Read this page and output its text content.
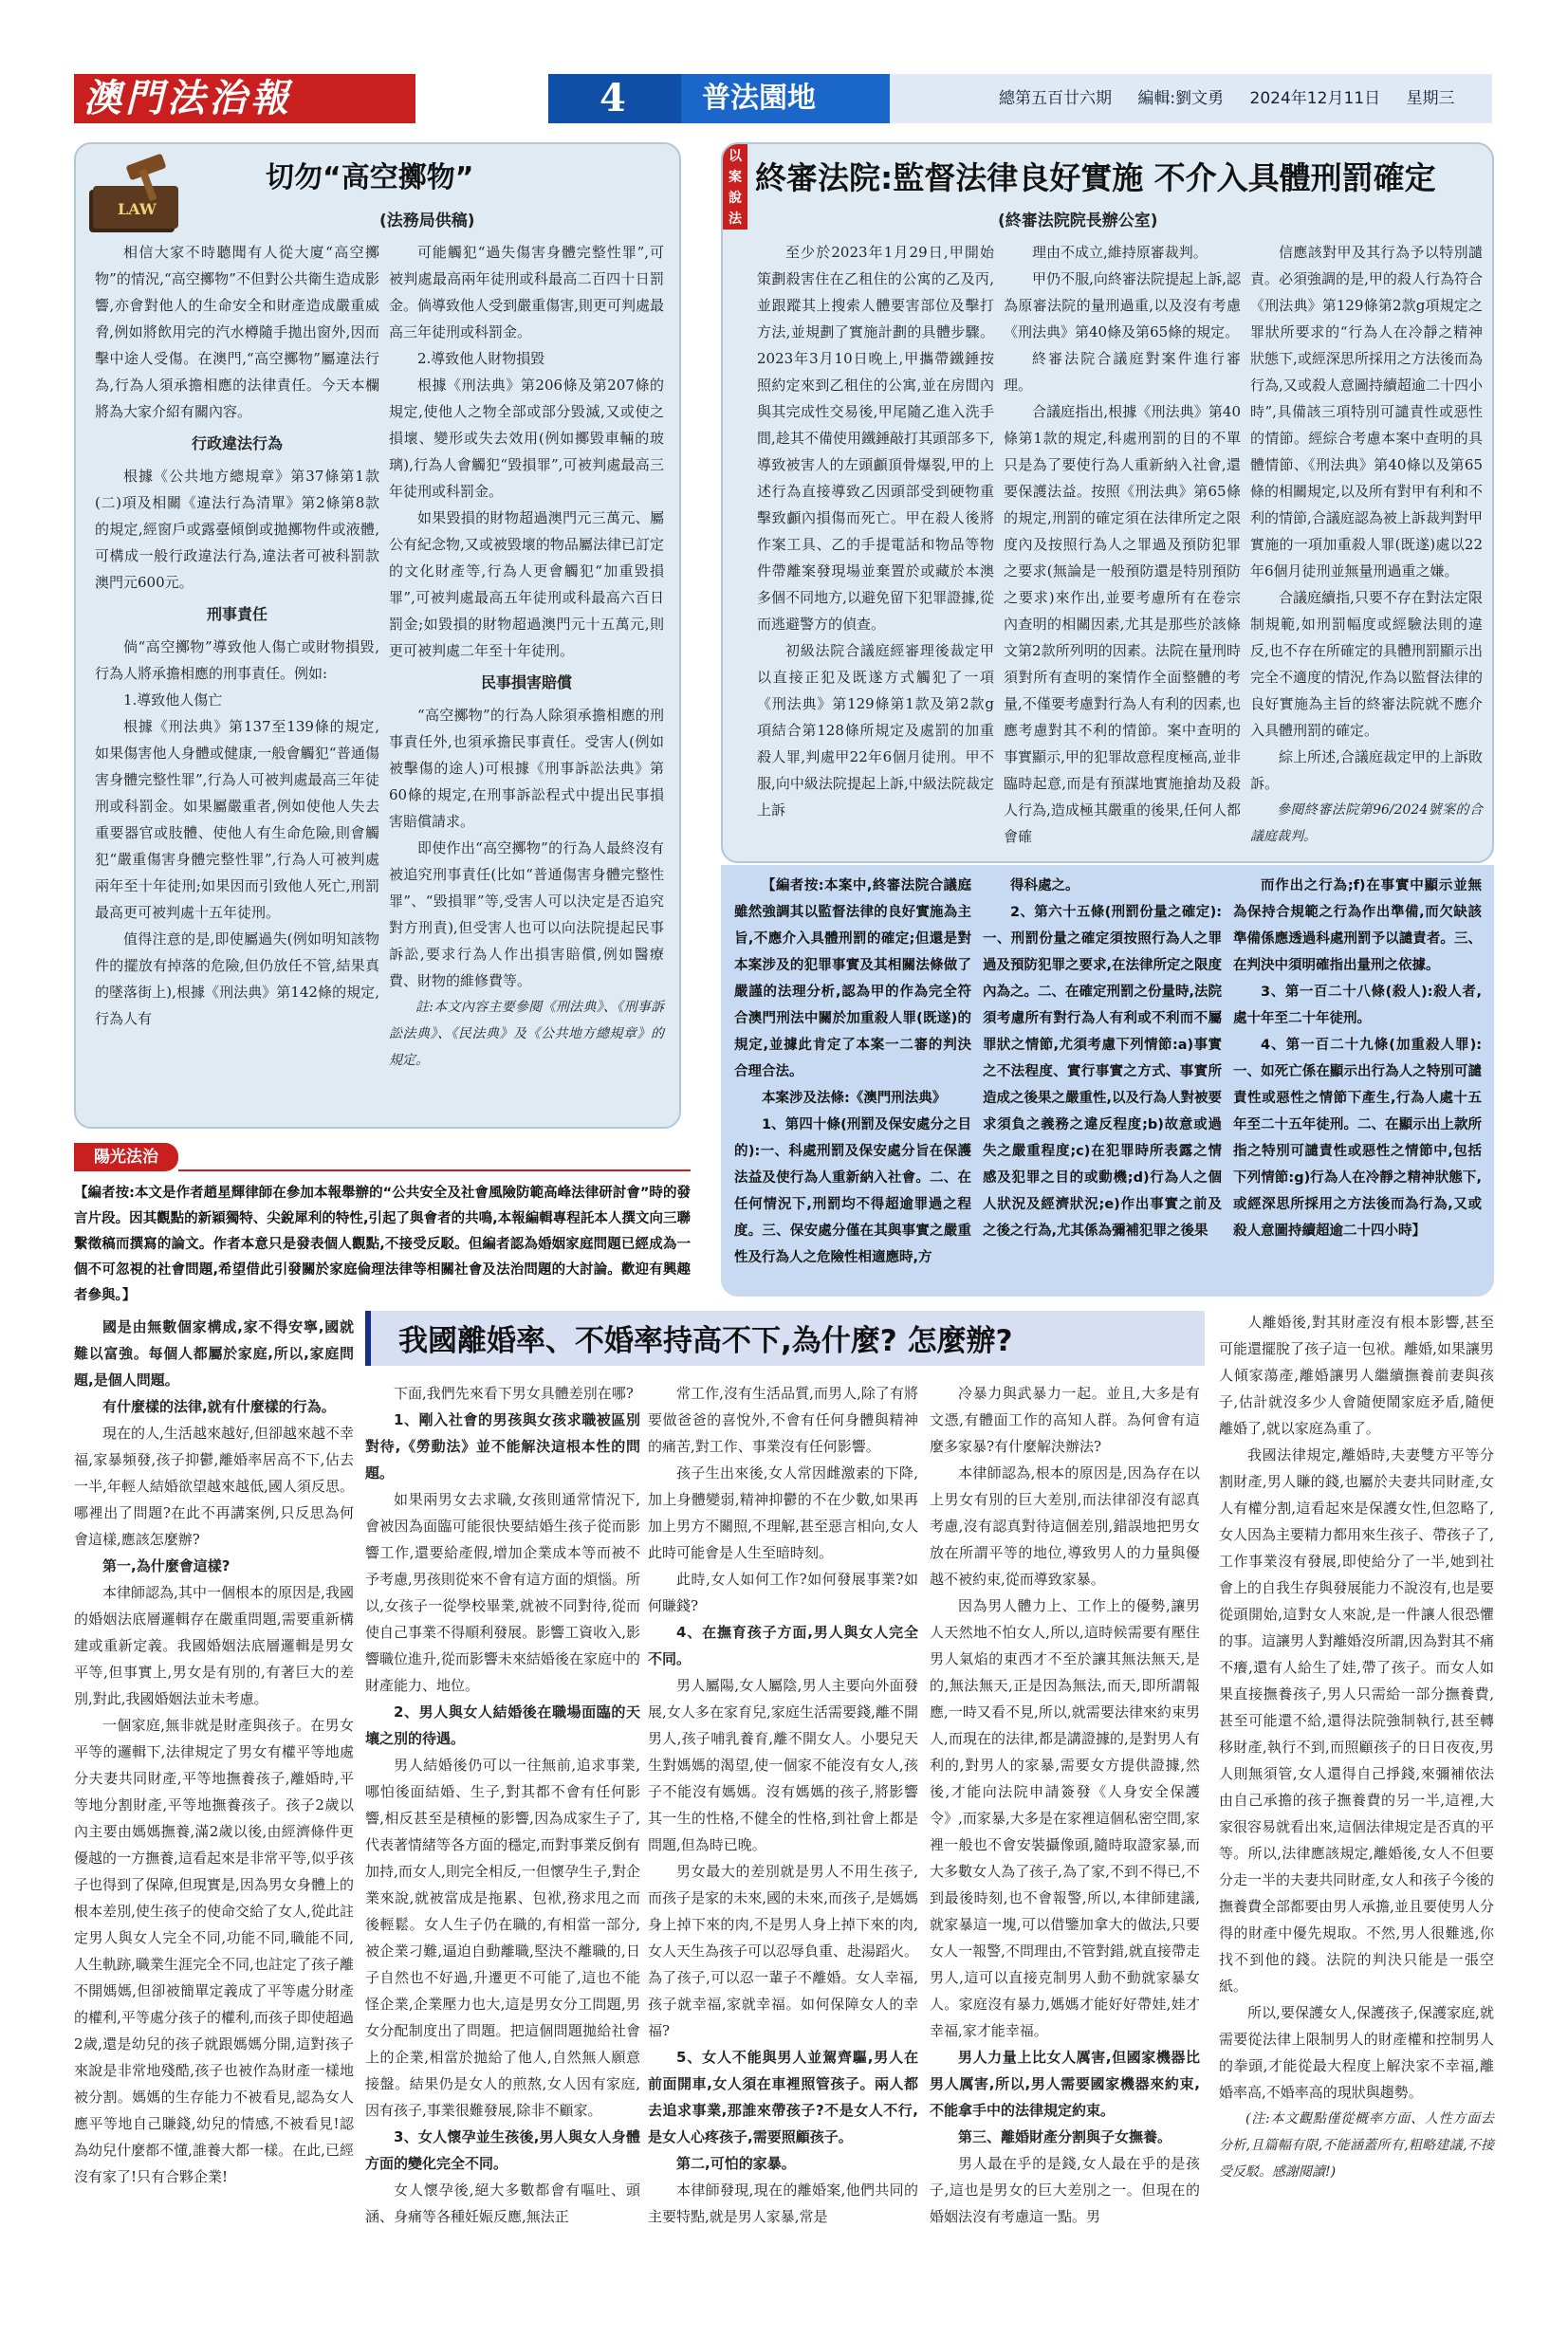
澳門法治報	4	普法園地	總第五百廿六期 編輯:劉文勇 2024年12月11日 星期三
LAW
切勿“高空擲物”
(法務局供稿)

相信大家不時聽聞有人從大廈“高空擲物”的情況,“高空擲物”不但對公共衛生造成影響,亦會對他人的生命安全和財產造成嚴重威脅,例如將飲用完的汽水樽隨手拋出窗外,因而擊中途人受傷。在澳門,“高空擲物”屬違法行為,行為人須承擔相應的法律責任。今天本欄將為大家介紹有關內容。

行政違法行為

根據《公共地方總規章》第37條第1款(二)項及相關《違法行為清單》第2條第8款的規定,經窗戶或露臺傾倒或拋擲物件或液體,可構成一般行政違法行為,違法者可被科罰款澳門元600元。

刑事責任

倘“高空擲物”導致他人傷亡或財物損毀,行為人將承擔相應的刑事責任。例如:

1.導致他人傷亡

根據《刑法典》第137至139條的規定,如果傷害他人身體或健康,一般會觸犯“普通傷害身體完整性罪”,行為人可被判處最高三年徒刑或科罰金。如果屬嚴重者,例如使他人失去重要器官或肢體、使他人有生命危險,則會觸犯“嚴重傷害身體完整性罪”,行為人可被判處兩年至十年徒刑;如果因而引致他人死亡,刑罰最高更可被判處十五年徒刑。

值得注意的是,即使屬過失(例如明知該物件的擺放有掉落的危險,但仍放任不管,結果真的墜落街上),根據《刑法典》第142條的規定,行為人有

可能觸犯“過失傷害身體完整性罪”,可被判處最高兩年徒刑或科最高二百四十日罰金。倘導致他人受到嚴重傷害,則更可判處最高三年徒刑或科罰金。

2.導致他人財物損毀

根據《刑法典》第206條及第207條的規定,使他人之物全部或部分毀滅,又或使之損壞、變形或失去效用(例如擲毀車輛的玻璃),行為人會觸犯“毀損罪”,可被判處最高三年徒刑或科罰金。

如果毀損的財物超過澳門元三萬元、屬公有紀念物,又或被毀壞的物品屬法律已訂定的文化財產等,行為人更會觸犯“加重毀損罪”,可被判處最高五年徒刑或科最高六百日罰金;如毀損的財物超過澳門元十五萬元,則更可被判處二年至十年徒刑。

民事損害賠償

“高空擲物”的行為人除須承擔相應的刑事責任外,也須承擔民事責任。受害人(例如被擊傷的途人)可根據《刑事訴訟法典》第60條的規定,在刑事訴訟程式中提出民事損害賠償請求。

即使作出“高空擲物”的行為人最終沒有被追究刑事責任(比如“普通傷害身體完整性罪”、“毀損罪”等,受害人可以決定是否追究對方刑責),但受害人也可以向法院提起民事訴訟,要求行為人作出損害賠償,例如醫療費、財物的維修費等。

註:本文內容主要參閱《刑法典》、《刑事訴訟法典》、《民法典》及《公共地方總規章》的規定。

以案說法
終審法院:監督法律良好實施 不介入具體刑罰確定
(終審法院院長辦公室)

至少於2023年1月29日,甲開始策劃殺害住在乙租住的公寓的乙及丙,並跟蹤其上搜索人體要害部位及擊打方法,並規劃了實施計劃的具體步驟。2023年3月10日晚上,甲攜帶鐵錘按照約定來到乙租住的公寓,並在房間內與其完成性交易後,甲尾隨乙進入洗手間,趁其不備使用鐵錘敲打其頭部多下,導致被害人的左頭顱頂骨爆裂,甲的上述行為直接導致乙因頭部受到硬物重擊致顱內損傷而死亡。甲在殺人後將作案工具、乙的手提電話和物品等物件帶離案發現場並棄置於或藏於本澳多個不同地方,以避免留下犯罪證據,從而逃避警方的偵查。

初級法院合議庭經審理後裁定甲以直接正犯及既遂方式觸犯了一項《刑法典》第129條第1款及第2款g項結合第128條所規定及處罰的加重殺人罪,判處甲22年6個月徒刑。甲不服,向中級法院提起上訴,中級法院裁定上訴

理由不成立,維持原審裁判。

甲仍不服,向終審法院提起上訴,認為原審法院的量刑過重,以及沒有考慮《刑法典》第40條及第65條的規定。

終審法院合議庭對案件進行審理。

合議庭指出,根據《刑法典》第40條第1款的規定,科處刑罰的目的不單只是為了要使行為人重新納入社會,還要保護法益。按照《刑法典》第65條的規定,刑罰的確定須在法律所定之限度內及按照行為人之罪過及預防犯罪之要求(無論是一般預防還是特別預防之要求)來作出,並要考慮所有在卷宗內查明的相關因素,尤其是那些於該條文第2款所列明的因素。法院在量刑時須對所有查明的案情作全面整體的考量,不僅要考慮對行為人有利的因素,也應考慮對其不利的情節。案中查明的事實顯示,甲的犯罪故意程度極高,並非臨時起意,而是有預謀地實施搶劫及殺人行為,造成極其嚴重的後果,任何人都會確

信應該對甲及其行為予以特別譴責。必須強調的是,甲的殺人行為符合《刑法典》第129條第2款g項規定之罪狀所要求的“行為人在冷靜之精神狀態下,或經深思所採用之方法後而為行為,又或殺人意圖持續超逾二十四小時”,具備該三項特別可譴責性或惡性的情節。經綜合考慮本案中查明的具體情節、《刑法典》第40條以及第65條的相關規定,以及所有對甲有利和不利的情節,合議庭認為被上訴裁判對甲實施的一項加重殺人罪(既遂)處以22年6個月徒刑並無量刑過重之嫌。

合議庭續指,只要不存在對法定限制規範,如刑罰幅度或經驗法則的違反,也不存在所確定的具體刑罰顯示出完全不適度的情況,作為以監督法律的良好實施為主旨的終審法院就不應介入具體刑罰的確定。

綜上所述,合議庭裁定甲的上訴敗訴。

參閱終審法院第96/2024號案的合議庭裁判。

【編者按:本案中,終審法院合議庭雖然強調其以監督法律的良好實施為主旨,不應介入具體刑罰的確定;但還是對本案涉及的犯罪事實及其相關法條做了嚴謹的法理分析,認為甲的作為完全符合澳門刑法中關於加重殺人罪(既遂)的規定,並據此肯定了本案一二審的判決合理合法。

本案涉及法條:《澳門刑法典》

1、第四十條(刑罰及保安處分之目的):一、科處刑罰及保安處分旨在保護法益及使行為人重新納入社會。二、在任何情況下,刑罰均不得超逾罪過之程度。三、保安處分僅在其與事實之嚴重性及行為人之危險性相適應時,方

得科處之。

2、第六十五條(刑罰份量之確定):一、刑罰份量之確定須按照行為人之罪過及預防犯罪之要求,在法律所定之限度內為之。二、在確定刑罰之份量時,法院須考慮所有對行為人有利或不利而不屬罪狀之情節,尤須考慮下列情節:a)事實之不法程度、實行事實之方式、事實所造成之後果之嚴重性,以及行為人對被要求須負之義務之違反程度;b)故意或過失之嚴重程度;c)在犯罪時所表露之情感及犯罪之目的或動機;d)行為人之個人狀況及經濟狀況;e)作出事實之前及之後之行為,尤其係為彌補犯罪之後果

而作出之行為;f)在事實中顯示並無為保持合規範之行為作出準備,而欠缺該準備係應透過科處刑罰予以譴責者。三、在判決中須明確指出量刑之依據。

3、第一百二十八條(殺人):殺人者,處十年至二十年徒刑。

4、第一百二十九條(加重殺人罪):一、如死亡係在顯示出行為人之特別可譴責性或惡性之情節下產生,行為人處十五年至二十五年徒刑。二、在顯示出上款所指之特別可譴責性或惡性之情節中,包括下列情節:g)行為人在冷靜之精神狀態下,或經深思所採用之方法後而為行為,又或殺人意圖持續超逾二十四小時】

陽光法治
【編者按:本文是作者趙星輝律師在參加本報舉辦的“公共安全及社會風險防範高峰法律研討會”時的發言片段。因其觀點的新穎獨特、尖銳犀利的特性,引起了與會者的共鳴,本報編輯專程託本人撰文向三聯繫徵稿而撰寫的論文。作者本意只是發表個人觀點,不接受反駁。但編者認為婚姻家庭問題已經成為一個不可忽視的社會問題,希望借此引發關於家庭倫理法律等相關社會及法治問題的大討論。歡迎有興趣者參與。】
我國離婚率、不婚率持高不下,為什麼? 怎麼辦?

國是由無數個家構成,家不得安寧,國就難以富強。每個人都屬於家庭,所以,家庭問題,是個人問題。

有什麼樣的法律,就有什麼樣的行為。

現在的人,生活越來越好,但卻越來越不幸福,家暴頻發,孩子抑鬱,離婚率居高不下,佔去一半,年輕人結婚欲望越來越低,國人須反思。哪裡出了問題?在此不再講案例,只反思為何會這樣,應該怎麼辦?

第一,為什麼會這樣?

本律師認為,其中一個根本的原因是,我國的婚姻法底層邏輯存在嚴重問題,需要重新構建或重新定義。我國婚姻法底層邏輯是男女平等,但事實上,男女是有別的,有著巨大的差別,對此,我國婚姻法並未考慮。

一個家庭,無非就是財產與孩子。在男女平等的邏輯下,法律規定了男女有權平等地處分夫妻共同財產,平等地撫養孩子,離婚時,平等地分割財產,平等地撫養孩子。孩子2歲以內主要由媽媽撫養,滿2歲以後,由經濟條件更優越的一方撫養,這看起來是非常平等,似乎孩子也得到了保障,但現實是,因為男女身體上的根本差別,使生孩子的使命交給了女人,從此註定男人與女人完全不同,功能不同,職能不同,人生軌跡,職業生涯完全不同,也註定了孩子離不開媽媽,但卻被簡單定義成了平等處分財產的權利,平等處分孩子的權利,而孩子即使超過2歲,還是幼兒的孩子就跟媽媽分開,這對孩子來說是非常地殘酷,孩子也被作為財產一樣地被分割。媽媽的生存能力不被看見,認為女人應平等地自己賺錢,幼兒的情感,不被看見!認為幼兒什麼都不懂,誰養大都一樣。在此,已經沒有家了!只有合夥企業!

下面,我們先來看下男女具體差別在哪?

1、剛入社會的男孩與女孩求職被區別對待,《勞動法》並不能解決這根本性的問題。

如果兩男女去求職,女孩則通常情況下,會被因為面臨可能很快要結婚生孩子從而影響工作,還要給產假,增加企業成本等而被不予考慮,男孩則從來不會有這方面的煩惱。所以,女孩子一從學校畢業,就被不同對待,從而使自己事業不得順利發展。影響工資收入,影響職位進升,從而影響未來結婚後在家庭中的財產能力、地位。

2、男人與女人結婚後在職場面臨的天壤之別的待遇。

男人結婚後仍可以一往無前,追求事業,哪怕後面結婚、生子,對其都不會有任何影響,相反甚至是積極的影響,因為成家生子了,代表著情緒等各方面的穩定,而對事業反倒有加持,而女人,則完全相反,一但懷孕生子,對企業來說,就被當成是拖累、包袱,務求甩之而後輕鬆。女人生子仍在職的,有相當一部分,被企業刁難,逼迫自動離職,堅決不離職的,日子自然也不好過,升遷更不可能了,這也不能怪企業,企業壓力也大,這是男女分工問題,男女分配制度出了問題。把這個問題拋給社會上的企業,相當於拋給了他人,自然無人願意接盤。結果仍是女人的煎熬,女人因有家庭,因有孩子,事業很難發展,除非不顧家。

3、女人懷孕並生孩後,男人與女人身體方面的變化完全不同。

女人懷孕後,絕大多數都會有嘔吐、頭涵、身痛等各種妊娠反應,無法正

常工作,沒有生活品質,而男人,除了有將要做爸爸的喜悅外,不會有任何身體與精神的痛苦,對工作、事業沒有任何影響。

孩子生出來後,女人常因雌激素的下降,加上身體變弱,精神抑鬱的不在少數,如果再加上男方不關照,不理解,甚至惡言相向,女人此時可能會是人生至暗時刻。

此時,女人如何工作?如何發展事業?如何賺錢?

4、在撫育孩子方面,男人與女人完全不同。

男人屬陽,女人屬陰,男人主要向外面發展,女人多在家育兒,家庭生活需要錢,離不開男人,孩子哺乳養育,離不開女人。小嬰兒天生對媽媽的渴望,使一個家不能沒有女人,孩子不能沒有媽媽。沒有媽媽的孩子,將影響其一生的性格,不健全的性格,到社會上都是問題,但為時已晚。

男女最大的差別就是男人不用生孩子,而孩子是家的未來,國的未來,而孩子,是媽媽身上掉下來的肉,不是男人身上掉下來的肉,女人天生為孩子可以忍辱負重、赴湯蹈火。為了孩子,可以忍一輩子不離婚。女人幸福,孩子就幸福,家就幸福。如何保障女人的幸福?

5、女人不能與男人並駕齊驅,男人在前面開車,女人須在車裡照管孩子。兩人都去追求事業,那誰來帶孩子?不是女人不行,是女人心疼孩子,需要照顧孩子。

第二,可怕的家暴。

本律師發現,現在的離婚案,他們共同的主要特點,就是男人家暴,常是

冷暴力與武暴力一起。並且,大多是有文憑,有體面工作的高知人群。為何會有這麼多家暴?有什麼解決辦法?

本律師認為,根本的原因是,因為存在以上男女有別的巨大差別,而法律卻沒有認真考慮,沒有認真對待這個差別,錯誤地把男女放在所謂平等的地位,導致男人的力量與優越不被約束,從而導致家暴。

因為男人體力上、工作上的優勢,讓男人天然地不怕女人,所以,這時候需要有壓住男人氣焰的東西才不至於讓其無法無天,是的,無法無天,正是因為無法,而天,即所謂報應,一時又看不見,所以,就需要法律來約束男人,而現在的法律,都是講證據的,是對男人有利的,對男人的家暴,需要女方提供證據,然後,才能向法院申請簽發《人身安全保護令》,而家暴,大多是在家裡這個私密空間,家裡一般也不會安裝攝像頭,隨時取證家暴,而大多數女人為了孩子,為了家,不到不得已,不到最後時刻,也不會報警,所以,本律師建議,就家暴這一塊,可以借鑒加拿大的做法,只要女人一報警,不問理由,不管對錯,就直接帶走男人,這可以直接克制男人動不動就家暴女人。家庭沒有暴力,媽媽才能好好帶娃,娃才幸福,家才能幸福。

男人力量上比女人厲害,但國家機器比男人厲害,所以,男人需要國家機器來約束,不能拿手中的法律規定約束。

第三、離婚財產分割與子女撫養。

男人最在乎的是錢,女人最在乎的是孩子,這也是男女的巨大差別之一。但現在的婚姻法沒有考慮這一點。男

人離婚後,對其財產沒有根本影響,甚至可能還擺脫了孩子這一包袱。離婚,如果讓男人傾家蕩產,離婚讓男人繼續撫養前妻與孩子,估計就沒多少人會隨便鬧家庭矛盾,隨便離婚了,就以家庭為重了。

我國法律規定,離婚時,夫妻雙方平等分割財產,男人賺的錢,也屬於夫妻共同財產,女人有權分割,這看起來是保護女性,但忽略了,女人因為主要精力都用來生孩子、帶孩子了,工作事業沒有發展,即使給分了一半,她到社會上的自我生存與發展能力不說沒有,也是要從頭開始,這對女人來說,是一件讓人很恐懼的事。這讓男人對離婚沒所謂,因為對其不痛不癢,還有人給生了娃,帶了孩子。而女人如果直接撫養孩子,男人只需給一部分撫養費,甚至可能還不給,還得法院強制執行,甚至轉移財產,執行不到,而照顧孩子的日日夜夜,男人則無須管,女人還得自己掙錢,來彌補依法由自己承擔的孩子撫養費的另一半,這裡,大家很容易就看出來,這個法律規定是否真的平等。所以,法律應該規定,離婚後,女人不但要分走一半的夫妻共同財產,女人和孩子今後的撫養費全部都要由男人承擔,並且要使男人分得的財產中優先規取。不然,男人很難逃,你找不到他的錢。法院的判決只能是一張空紙。

所以,要保護女人,保護孩子,保護家庭,就需要從法律上限制男人的財產權和控制男人的拳頭,才能從最大程度上解決家不幸福,離婚率高,不婚率高的現狀與趨勢。

(注:本文觀點僅從概率方面、人性方面去分析,且篇幅有限,不能涵蓋所有,粗略建議,不接受反駁。感謝閱讀!)
